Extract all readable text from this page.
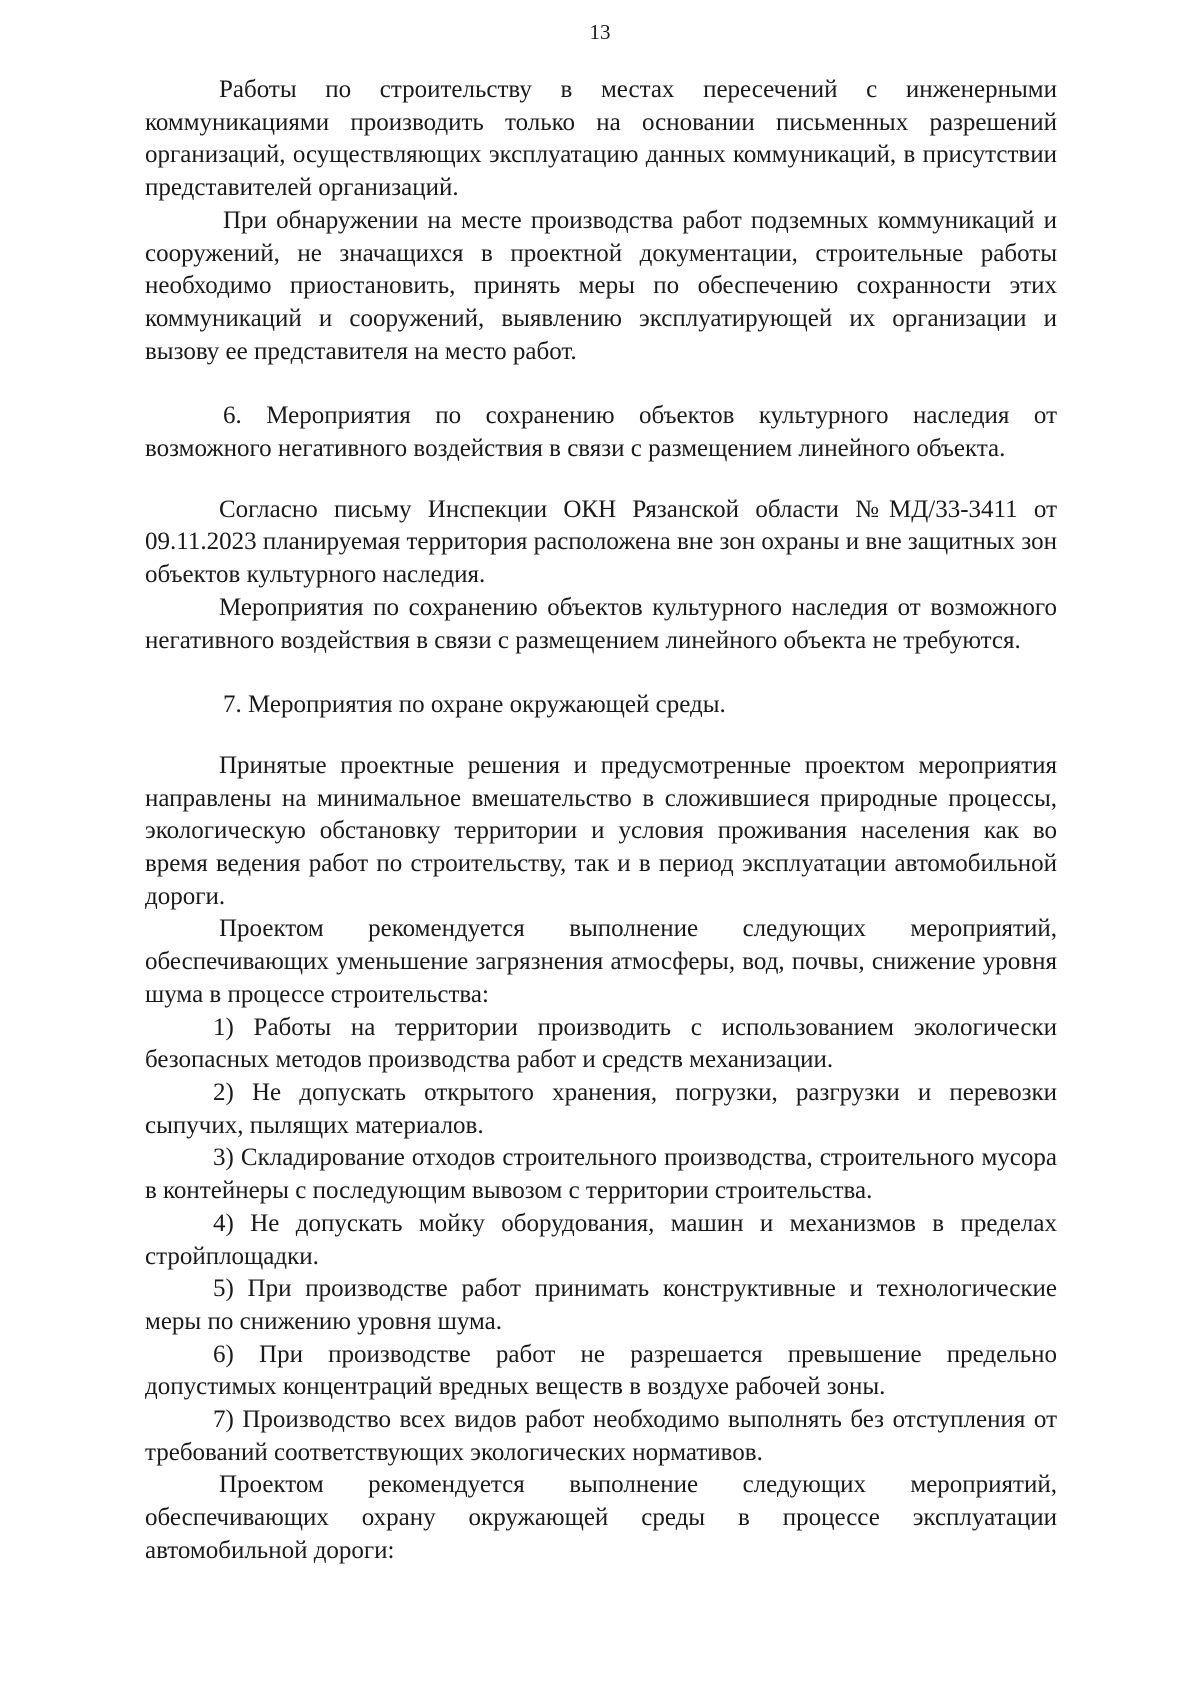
13

Работы по строительству в местах пересечений с инженерными коммуникациями производить только на основании письменных разрешений организаций, осуществляющих эксплуатацию данных коммуникаций, в присутствии представителей организаций.

При обнаружении на месте производства работ подземных коммуникаций и сооружений, не значащихся в проектной документации, строительные работы необходимо приостановить, принять меры по обеспечению сохранности этих коммуникаций и сооружений, выявлению эксплуатирующей их организации и вызову ее представителя на место работ.

6. Мероприятия по сохранению объектов культурного наследия от возможного негативного воздействия в связи с размещением линейного объекта.

Согласно письму Инспекции ОКН Рязанской области №МД/33-3411 от 09.11.2023 планируемая территория расположена вне зон охраны и вне защитных зон объектов культурного наследия.

Мероприятия по сохранению объектов культурного наследия от возможного негативного воздействия в связи с размещением линейного объекта не требуются.

7. Мероприятия по охране окружающей среды.

Принятые проектные решения и предусмотренные проектом мероприятия направлены на минимальное вмешательство в сложившиеся природные процессы, экологическую обстановку территории и условия проживания населения как во время ведения работ по строительству, так и в период эксплуатации автомобильной дороги.

Проектом рекомендуется выполнение следующих мероприятий, обеспечивающих уменьшение загрязнения атмосферы, вод, почвы, снижение уровня шума в процессе строительства:

1) Работы на территории производить с использованием экологически безопасных методов производства работ и средств механизации.

2) Не допускать открытого хранения, погрузки, разгрузки и перевозки сыпучих, пылящих материалов.

3) Складирование отходов строительного производства, строительного мусора в контейнеры с последующим вывозом с территории строительства.

4) Не допускать мойку оборудования, машин и механизмов в пределах стройплощадки.

5) При производстве работ принимать конструктивные и технологические меры по снижению уровня шума.

6) При производстве работ не разрешается превышение предельно допустимых концентраций вредных веществ в воздухе рабочей зоны.

7) Производство всех видов работ необходимо выполнять без отступления от требований соответствующих экологических нормативов.

Проектом рекомендуется выполнение следующих мероприятий, обеспечивающих охрану окружающей среды в процессе эксплуатации автомобильной дороги:
